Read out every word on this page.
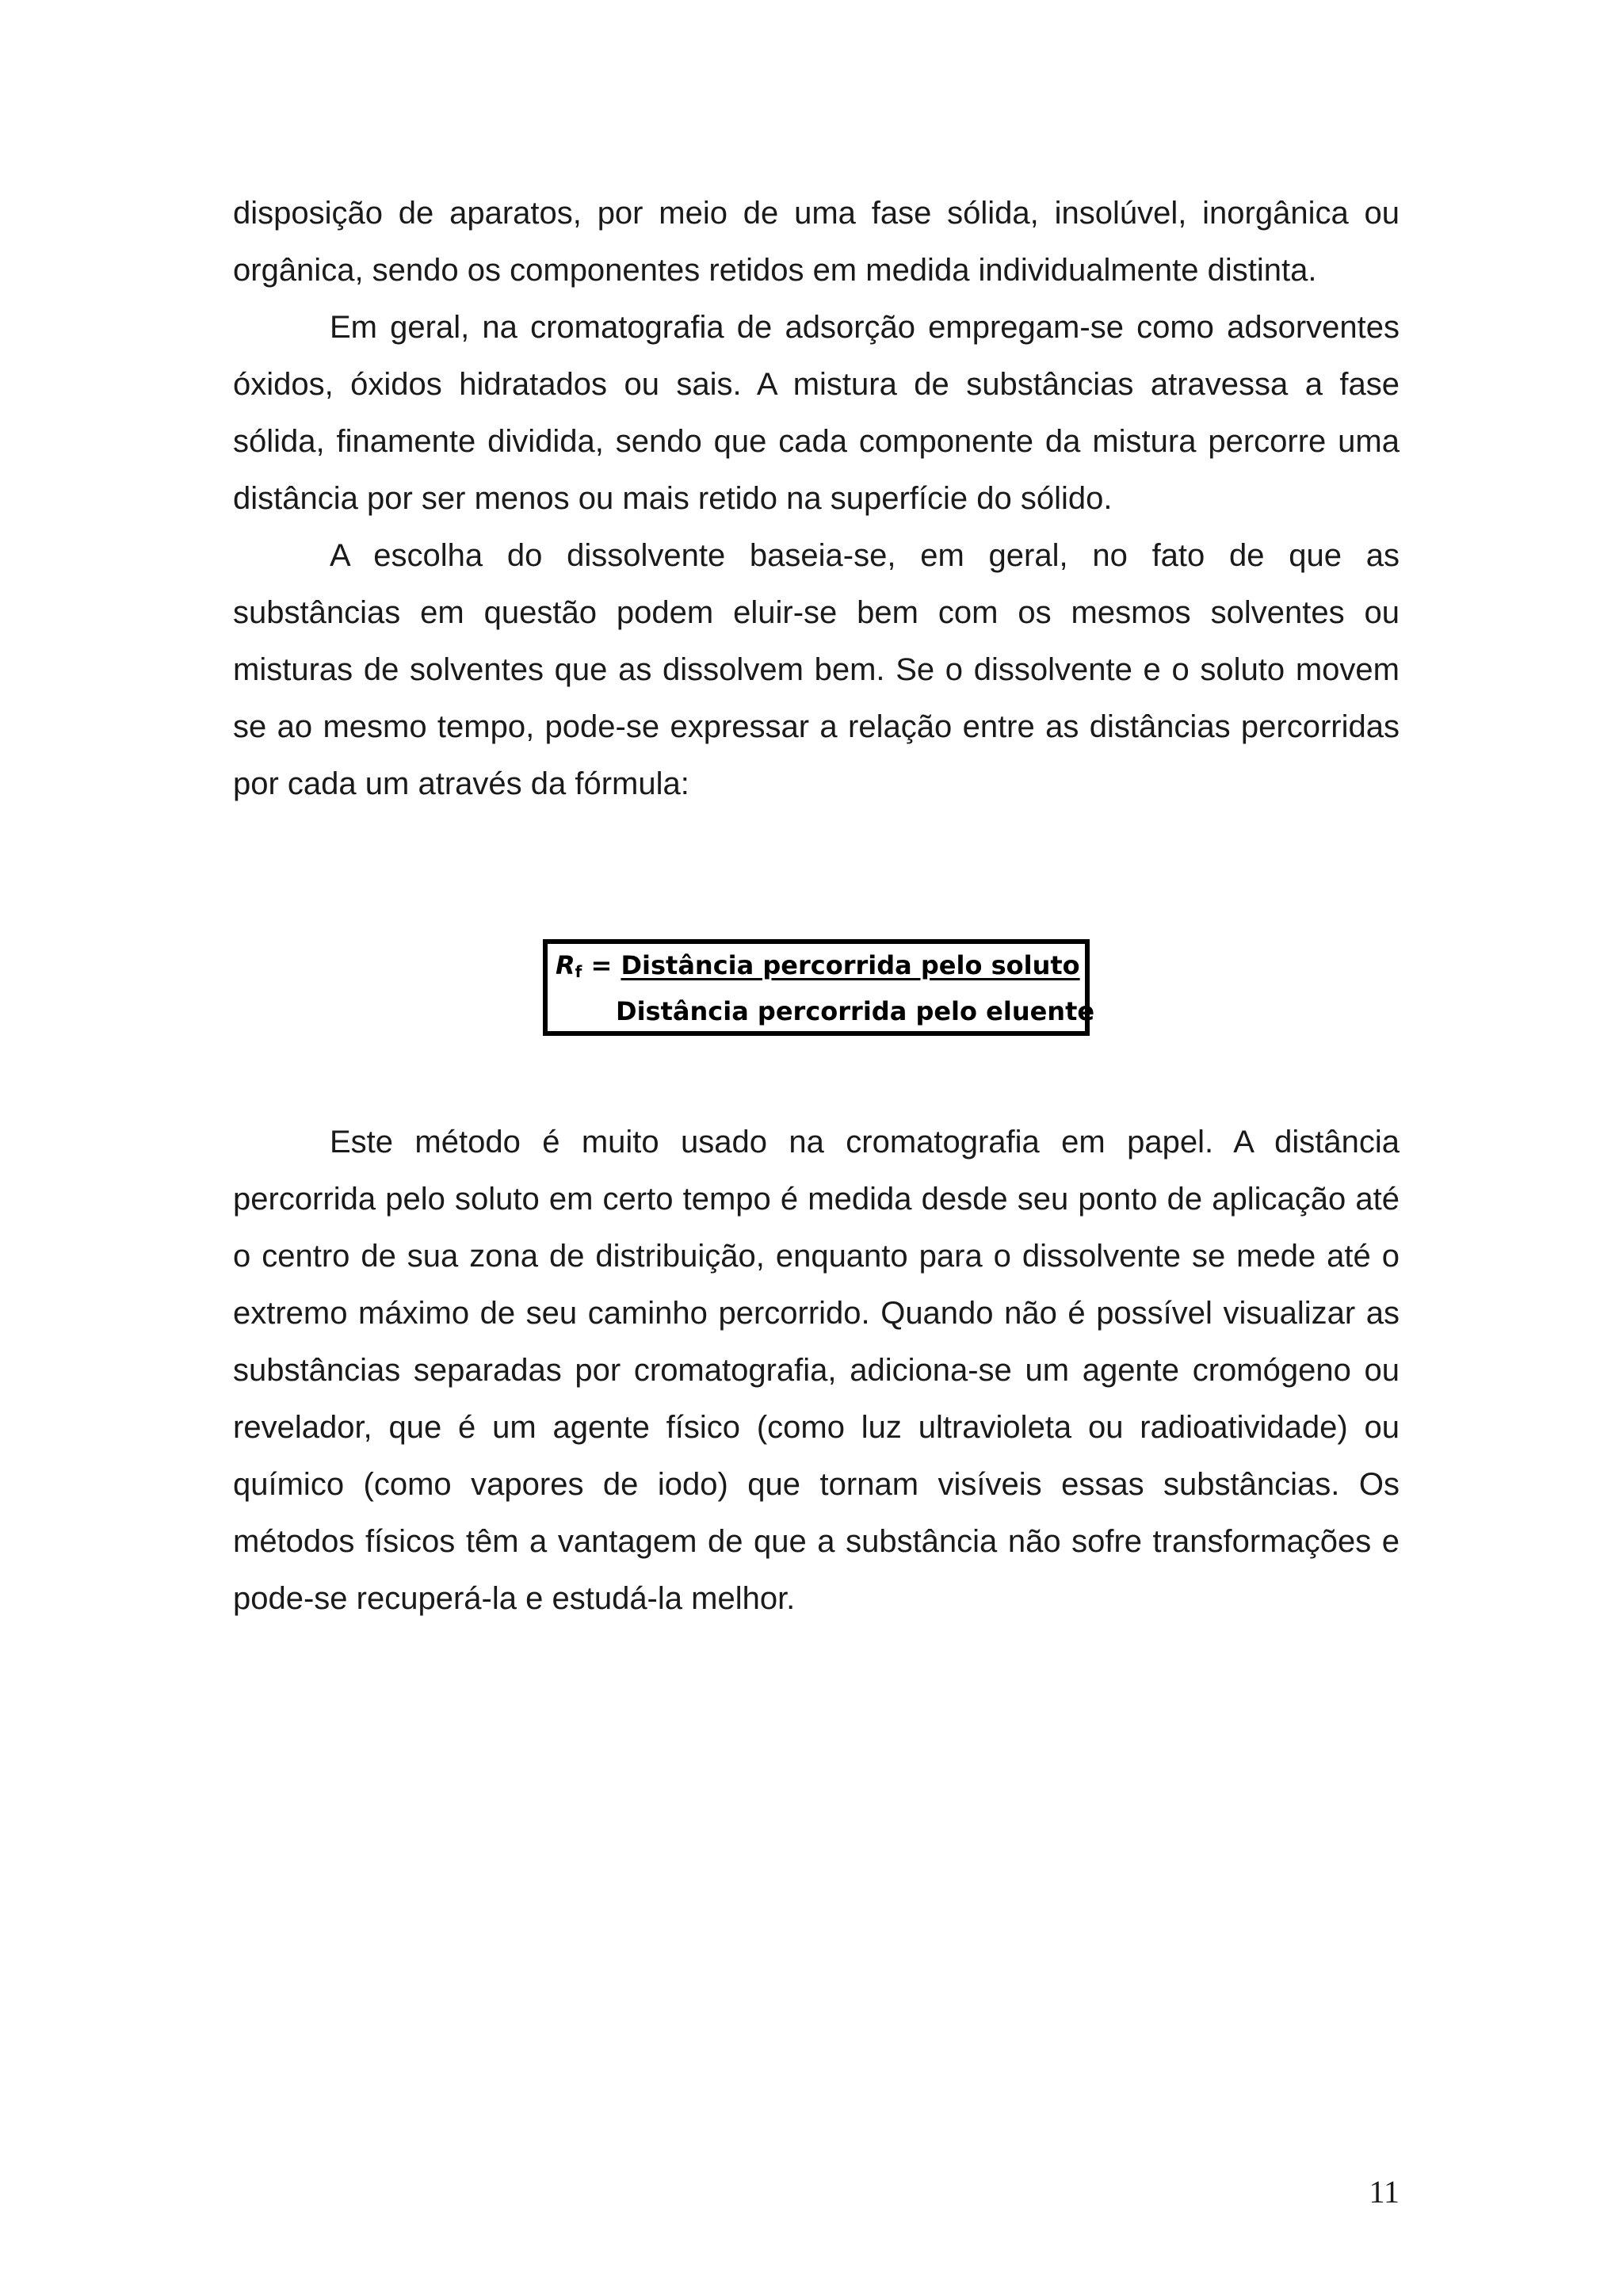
disposição de aparatos, por meio de uma fase sólida, insolúvel, inorgânica ou orgânica, sendo os componentes retidos em medida individualmente distinta.

Em geral, na cromatografia de adsorção empregam-se como adsorventes óxidos, óxidos hidratados ou sais. A mistura de substâncias atravessa a fase sólida, finamente dividida, sendo que cada componente da mistura percorre uma distância por ser menos ou mais retido na superfície do sólido.

A escolha do dissolvente baseia-se, em geral, no fato de que as substâncias em questão podem eluir-se bem com os mesmos solventes ou misturas de solventes que as dissolvem bem. Se o dissolvente e o soluto movem se ao mesmo tempo, pode-se expressar a relação entre as distâncias percorridas por cada um através da fórmula:

Rf = Distância percorrida pelo soluto
Distância percorrida pelo eluente

Este método é muito usado na cromatografia em papel. A distância percorrida pelo soluto em certo tempo é medida desde seu ponto de aplicação até o centro de sua zona de distribuição, enquanto para o dissolvente se mede até o extremo máximo de seu caminho percorrido. Quando não é possível visualizar as substâncias separadas por cromatografia, adiciona-se um agente cromógeno ou revelador, que é um agente físico (como luz ultravioleta ou radioatividade) ou químico (como vapores de iodo) que tornam visíveis essas substâncias. Os métodos físicos têm a vantagem de que a substância não sofre transformações e pode-se recuperá-la e estudá-la melhor.

11
